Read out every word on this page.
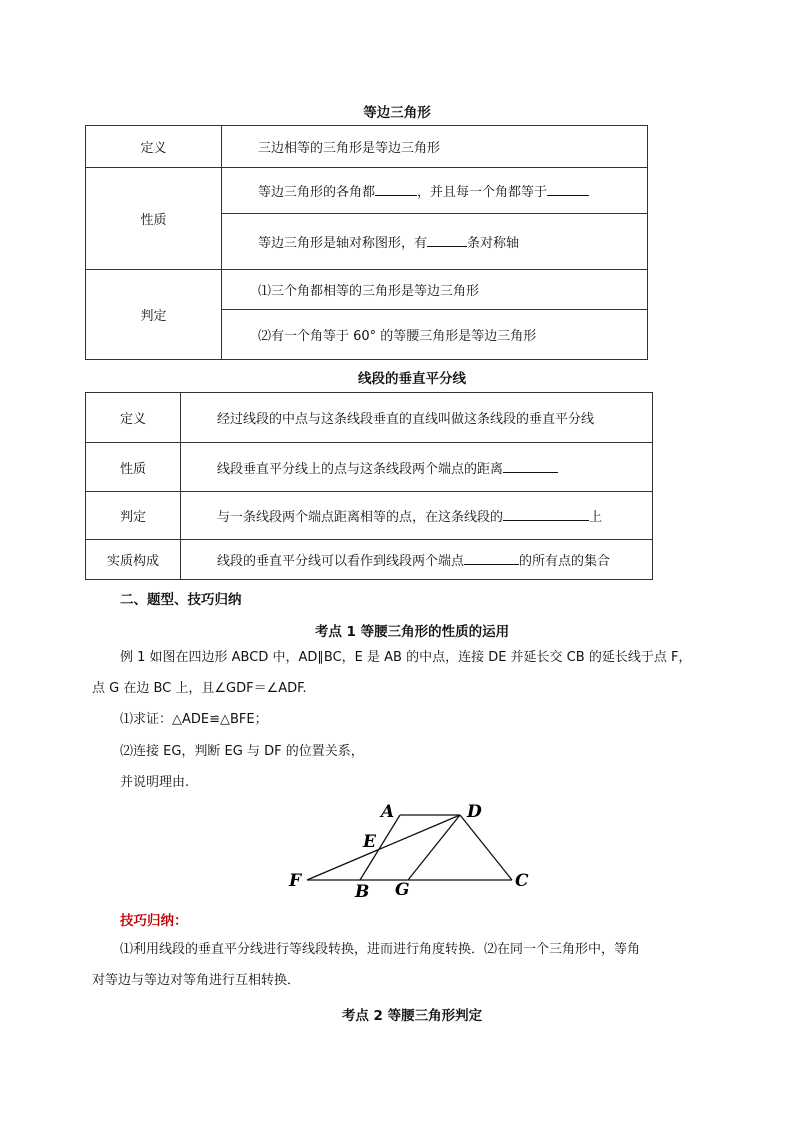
等边三角形
定义	三边相等的三角形是等边三角形
性质	等边三角形的各角都 ，并且每一个角都等于
	等边三角形是轴对称图形，有 条对称轴
判定	⑴三个角都相等的三角形是等边三角形
	⑵有一个角等于 60° 的等腰三角形是等边三角形
线段的垂直平分线
定义	经过线段的中点与这条线段垂直的直线叫做这条线段的垂直平分线
性质	线段垂直平分线上的点与这条线段两个端点的距离
判定	与一条线段两个端点距离相等的点，在这条线段的 上
实质构成	线段的垂直平分线可以看作到线段两个端点 的所有点的集合
二、题型、技巧归纳
考点 1 等腰三角形的性质的运用
例 1 如图在四边形 ABCD 中，AD∥BC，E 是 AB 的中点，连接 DE 并延长交 CB 的延长线于点 F，
点 G 在边 BC 上，且∠GDF＝∠ADF.
⑴求证：△ADE≌△BFE；
⑵连接 EG，判断 EG 与 DF 的位置关系，
并说明理由.
A	D
E
F
B G	C
技巧归纳：
⑴利用线段的垂直平分线进行等线段转换，进而进行角度转换．⑵在同一个三角形中，等角
对等边与等边对等角进行互相转换．
考点 2 等腰三角形判定
